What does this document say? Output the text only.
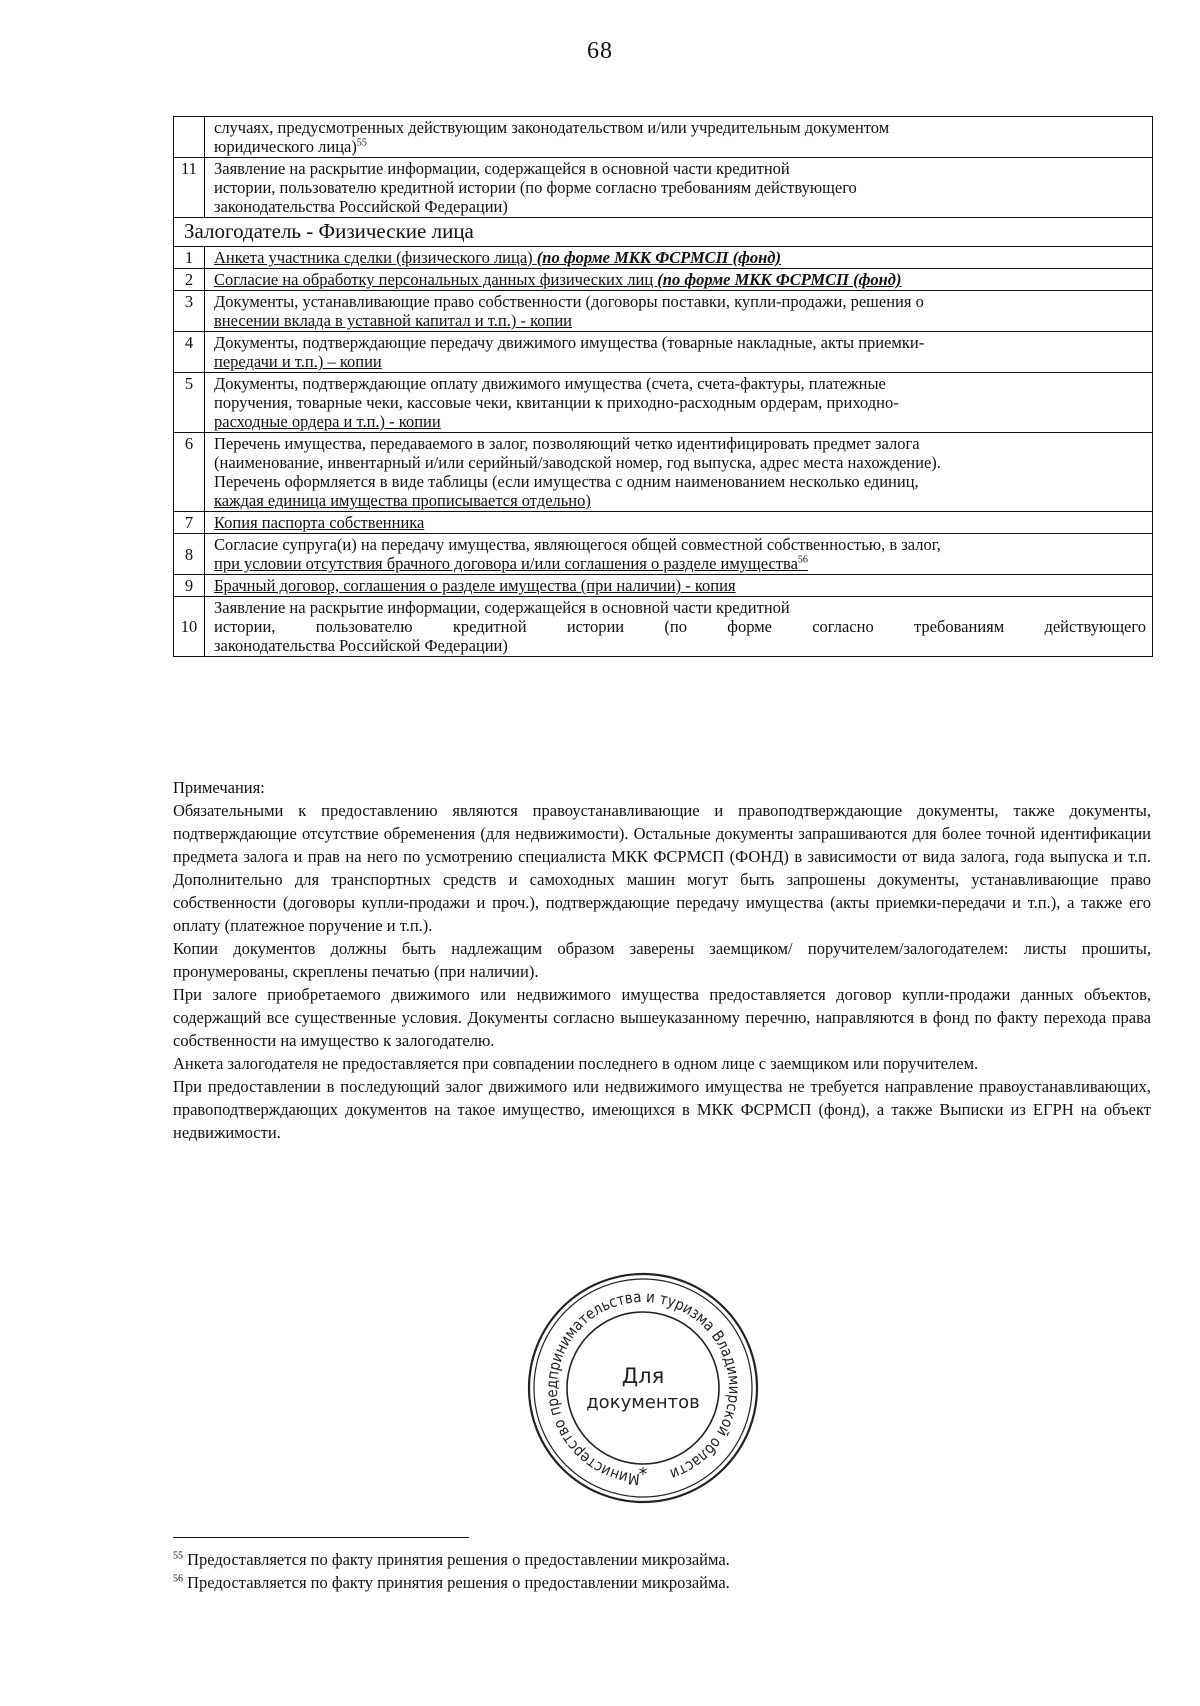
68

	случаях, предусмотренных действующим законодательством и/или учредительным документом
юридического лица)$^{55}$

11	Заявление на раскрытие информации, содержащейся в основной части кредитной
истории, пользователю кредитной истории (по форме согласно требованиям действующего
законодательства Российской Федерации)

Залогодатель - Физические лица	
1	Анкета участника сделки (физического лица) (по форме МКК ФСРМСП (фонд)
2	Согласие на обработку персональных данных физических лиц (по форме МКК ФСРМСП (фонд)
3	Документы, устанавливающие право собственности (договоры поставки, купли-продажи, решения о
внесении вклада в уставной капитал и т.п.) - копии

4	Документы, подтверждающие передачу движимого имущества (товарные накладные, акты приемки-
передачи и т.п.) – копии

5	Документы, подтверждающие оплату движимого имущества (счета, счета-фактуры, платежные
поручения, товарные чеки, кассовые чеки, квитанции к приходно-расходным ордерам, приходно-
расходные ордера и т.п.) - копии

6	Перечень имущества, передаваемого в залог, позволяющий четко идентифицировать предмет залога
(наименование, инвентарный и/или серийный/заводской номер, год выпуска, адрес места нахождение).
Перечень оформляется в виде таблицы (если имущества с одним наименованием несколько единиц,
каждая единица имущества прописывается отдельно)

7	Копия паспорта собственника
8	Согласие супруга(и) на передачу имущества, являющегося общей совместной собственностью, в залог,
при условии отсутствия брачного договора и/или соглашения о разделе имущества$^{56}$

9	Брачный договор, соглашения о разделе имущества (при наличии) - копия
10	Заявление на раскрытие информации, содержащейся в основной части кредитной
истории, пользователю кредитной истории (по форме согласно требованиям действующего
законодательства Российской Федерации)

Примечания:

Обязательными к предоставлению являются правоустанавливающие и правоподтверждающие документы, также документы, подтверждающие отсутствие обременения (для недвижимости). Остальные документы запрашиваются для более точной идентификации предмета залога и прав на него по усмотрению специалиста МКК ФСРМСП (ФОНД) в зависимости от вида залога, года выпуска и т.п. Дополнительно для транспортных средств и самоходных машин могут быть запрошены документы, устанавливающие право собственности (договоры купли-продажи и проч.), подтверждающие передачу имущества (акты приемки-передачи и т.п.), а также его оплату (платежное поручение и т.п.).

Копии документов должны быть надлежащим образом заверены заемщиком/ поручителем/залогодателем: листы прошиты, пронумерованы, скреплены печатью (при наличии).

При залоге приобретаемого движимого или недвижимого имущества предоставляется договор купли-продажи данных объектов, содержащий все существенные условия. Документы согласно вышеуказанному перечню, направляются в фонд по факту перехода права собственности на имущество к залогодателю.

Анкета залогодателя не предоставляется при совпадении последнего в одном лице с заемщиком или поручителем.

При предоставлении в последующий залог движимого или недвижимого имущества не требуется направление правоустанавливающих, правоподтверждающих документов на такое имущество, имеющихся в МКК ФСРМСП (фонд), а также Выписки из ЕГРН на объект недвижимости.

Министерство предпринимательства и туризма Владимирской области
*
Для
документов

$^{55}$ Предоставляется по факту принятия решения о предоставлении микрозайма.

$^{56}$ Предоставляется по факту принятия решения о предоставлении микрозайма.
